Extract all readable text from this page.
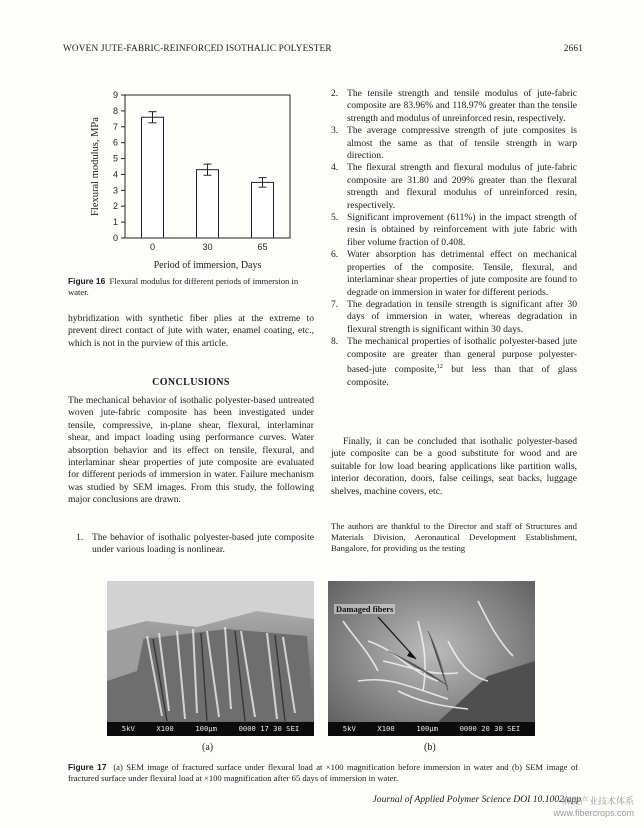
WOVEN JUTE-FABRIC-REINFORCED ISOTHALIC POLYESTER	2661
0
1
2
3
4
5
6
7
8
9
0	30	65
Period of immersion, Days
Flexural modulus, MPa

Figure 16 Flexural modulus for different periods of immersion in water.

hybridization with synthetic fiber plies at the extreme to prevent direct contact of jute with water, enamel coating, etc., which is not in the purview of this article.

CONCLUSIONS

The mechanical behavior of isothalic polyester-based untreated woven jute-fabric composite has been investigated under tensile, compressive, in-plane shear, flexural, interlaminar shear, and impact loading using performance curves. Water absorption behavior and its effect on tensile, flexural, and interlaminar shear properties of jute composite are evaluated for different periods of immersion in water. Failure mechanism was studied by SEM images. From this study, the following major conclusions are drawn.

1. The behavior of isothalic polyester-based jute composite under various loading is nonlinear.

2. The tensile strength and tensile modulus of jute-fabric composite are 83.96% and 118.97% greater than the tensile strength and modulus of unreinforced resin, respectively.

3. The average compressive strength of jute composites is almost the same as that of tensile strength in warp direction.

4. The flexural strength and flexural modulus of jute-fabric composite are 31.80 and 209% greater than the flexural strength and flexural modulus of unreinforced resin, respectively.

5. Significant improvement (611%) in the impact strength of resin is obtained by reinforcement with jute fabric with fiber volume fraction of 0.408.

6. Water absorption has detrimental effect on mechanical properties of the composite. Tensile, flexural, and interlaminar shear properties of jute composite are found to degrade on immersion in water for different periods.

7. The degradation in tensile strength is significant after 30 days of immersion in water, whereas degradation in flexural strength is significant within 30 days.

8. The mechanical properties of isothalic polyester-based jute composite are greater than general purpose polyester-based-jute composite,$^{12}$ but less than that of glass composite.

Finally, it can be concluded that isothalic polyester-based jute composite can be a good substitute for wood and are suitable for low load bearing applications like partition walls, interior decoration, doors, false ceilings, seat backs, luggage shelves, machine covers, etc.

The authors are thankful to the Director and staff of Structures and Materials Division, Aeronautical Development Establishment, Bangalore, for providing us the testing

5kV	X100	100μm	0000 17 30 SEI
Damaged fibers
5kV	X100	100μm	0000 20 30 SEI
(a)	(b)

Figure 17 (a) SEM image of fractured surface under flexural load at ×100 magnification before immersion in water and (b) SEM image of fractured surface under flexural load at ×100 magnification after 65 days of immersion in water.

Journal of Applied Polymer Science DOI 10.1002/app
麻类产业技术体系
www.fibercrops.com
